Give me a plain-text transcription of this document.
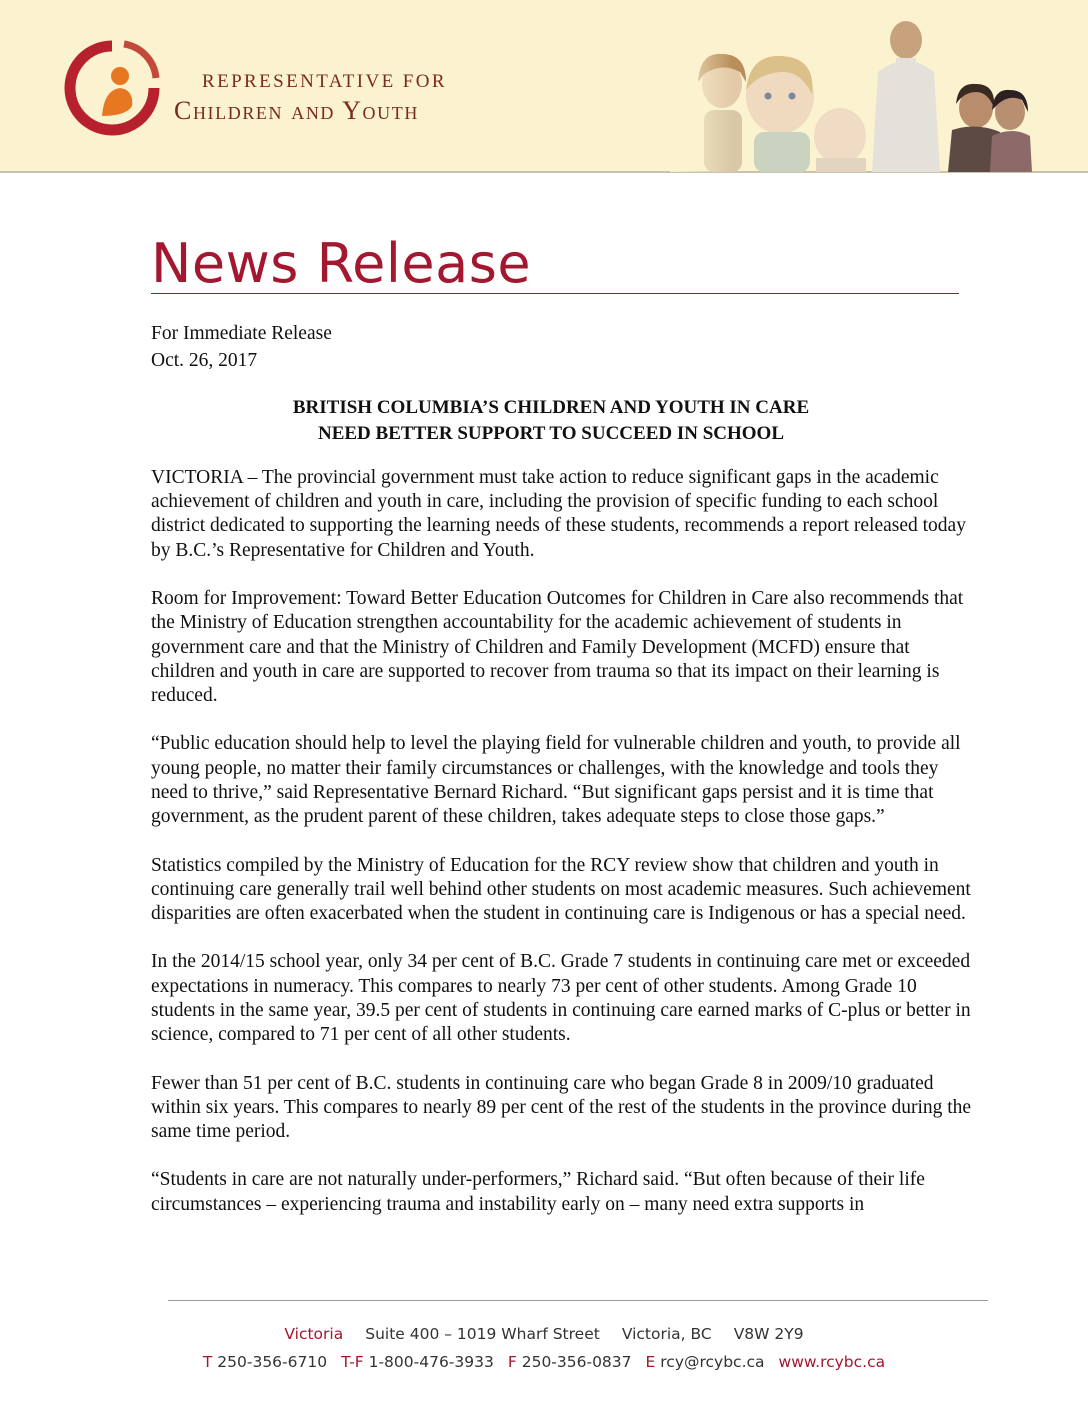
REPRESENTATIVE FOR
Children and Youth
News Release
For Immediate Release
Oct. 26, 2017
BRITISH COLUMBIA’S CHILDREN AND YOUTH IN CARE
NEED BETTER SUPPORT TO SUCCEED IN SCHOOL

VICTORIA – The provincial government must take action to reduce significant gaps in the academic achievement of children and youth in care, including the provision of specific funding to each school district dedicated to supporting the learning needs of these students, recommends a report released today by B.C.’s Representative for Children and Youth.

Room for Improvement: Toward Better Education Outcomes for Children in Care also recommends that the Ministry of Education strengthen accountability for the academic achievement of students in government care and that the Ministry of Children and Family Development (MCFD) ensure that children and youth in care are supported to recover from trauma so that its impact on their learning is reduced.

“Public education should help to level the playing field for vulnerable children and youth, to provide all young people, no matter their family circumstances or challenges, with the knowledge and tools they need to thrive,” said Representative Bernard Richard. “But significant gaps persist and it is time that government, as the prudent parent of these children, takes adequate steps to close those gaps.”

Statistics compiled by the Ministry of Education for the RCY review show that children and youth in continuing care generally trail well behind other students on most academic measures. Such achievement disparities are often exacerbated when the student in continuing care is Indigenous or has a special need.

In the 2014/15 school year, only 34 per cent of B.C. Grade 7 students in continuing care met or exceeded expectations in numeracy. This compares to nearly 73 per cent of other students. Among Grade 10 students in the same year, 39.5 per cent of students in continuing care earned marks of C-plus or better in science, compared to 71 per cent of all other students.

Fewer than 51 per cent of B.C. students in continuing care who began Grade 8 in 2009/10 graduated within six years. This compares to nearly 89 per cent of the rest of the students in the province during the same time period.

“Students in care are not naturally under-performers,” Richard said. “But often because of their life circumstances – experiencing trauma and instability early on – many need extra supports in

Victoria Suite 400 – 1019 Wharf Street Victoria, BC V8W 2Y9
T 250-356-6710 T-F 1-800-476-3933 F 250-356-0837 E rcy@rcybc.ca www.rcybc.ca
